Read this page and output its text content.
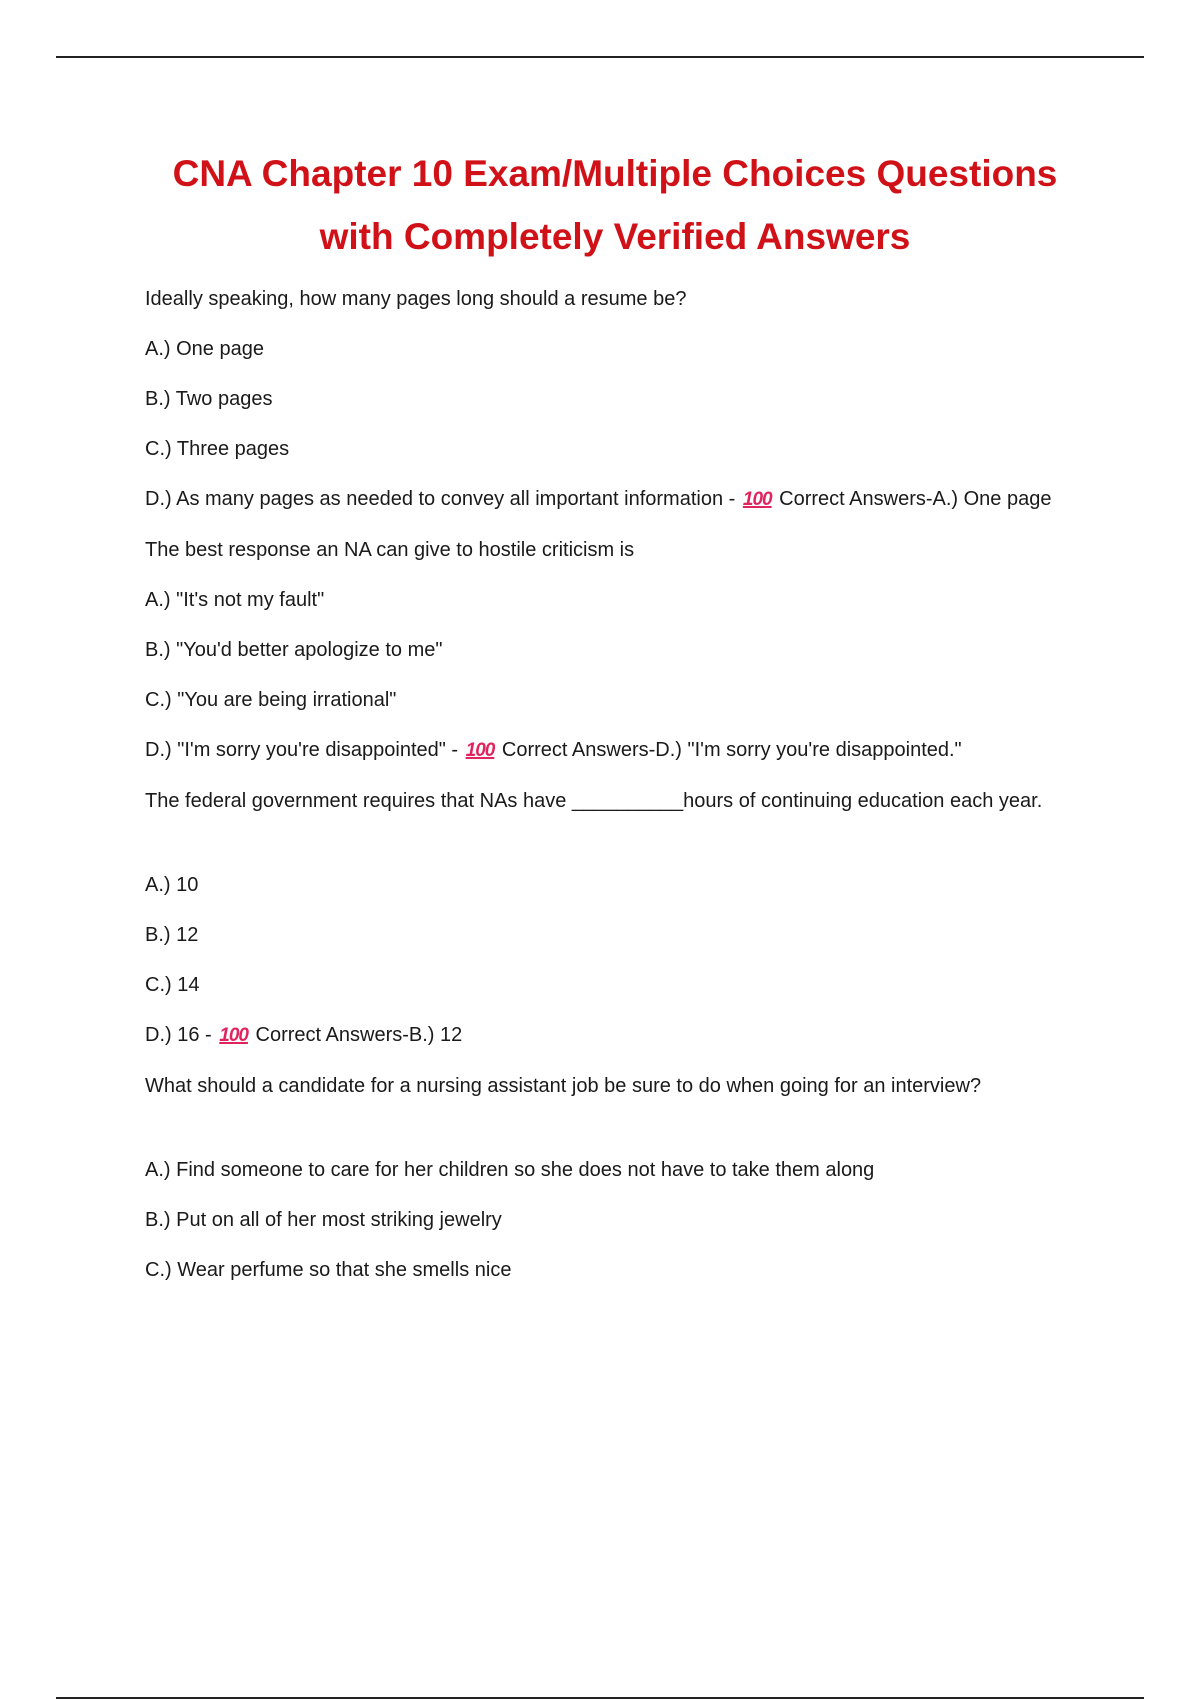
CNA Chapter 10 Exam/Multiple Choices Questions
with Completely Verified Answers

Ideally speaking, how many pages long should a resume be?

A.) One page

B.) Two pages

C.) Three pages

D.) As many pages as needed to convey all important information - 100 Correct Answers-A.) One page

The best response an NA can give to hostile criticism is

A.) "It's not my fault"

B.) "You'd better apologize to me"

C.) "You are being irrational"

D.) "I'm sorry you're disappointed" - 100 Correct Answers-D.) "I'm sorry you're disappointed."

The federal government requires that NAs have __________hours of continuing education each year.

A.) 10

B.) 12

C.) 14

D.) 16 - 100 Correct Answers-B.) 12

What should a candidate for a nursing assistant job be sure to do when going for an interview?

A.) Find someone to care for her children so she does not have to take them along

B.) Put on all of her most striking jewelry

C.) Wear perfume so that she smells nice
